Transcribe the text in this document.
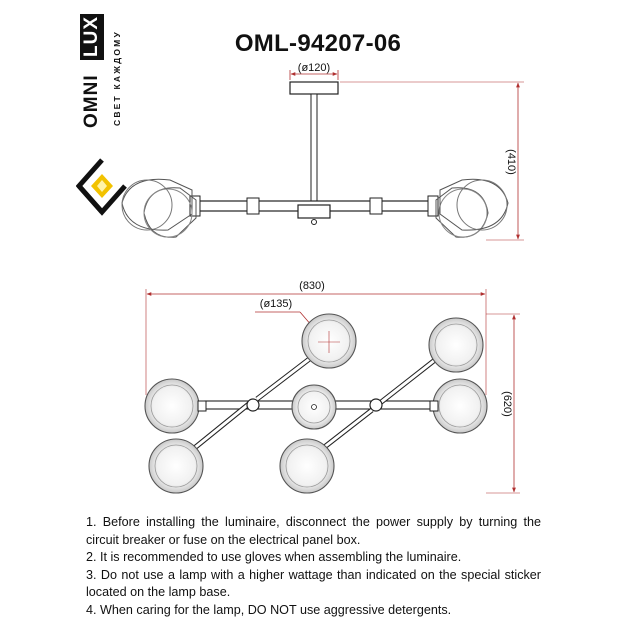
LUX
OMNI СВЕТ КАЖДОМУ	OML-94207-06
(ø120)
(410)
(830)
(ø135)
(620)

1. Before installing the luminaire, disconnect the power supply by turning the circuit breaker or fuse on the electrical panel box.

2. It is recommended to use gloves when assembling the luminaire.

3. Do not use a lamp with a higher wattage than indicated on the special sticker located on the lamp base.

4. When caring for the lamp, DO NOT use aggressive detergents.
